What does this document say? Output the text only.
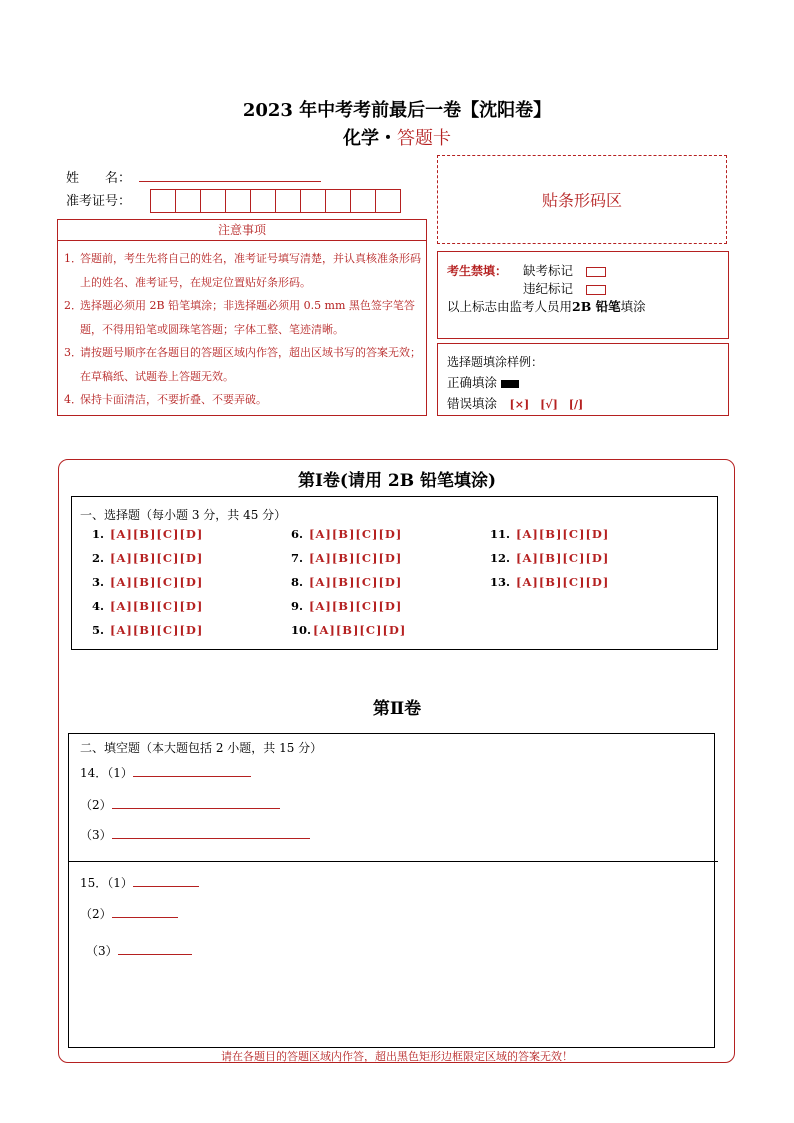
2023 年中考考前最后一卷【沈阳卷】
化学・答题卡
姓　　名：
准考证号：	贴条形码区
注意事项
1．
答题前，考生先将自己的姓名，准考证号填写清楚，并认真核准条形码上的姓名、准考证号，在规定位置贴好条形码。
2．
选择题必须用 2B 铅笔填涂；非选择题必须用 0.5 mm 黑色签字笔答题，不得用铅笔或圆珠笔答题；字体工整、笔迹清晰。
3．
请按题号顺序在各题目的答题区域内作答，超出区域书写的答案无效；在草稿纸、试题卷上答题无效。
4．
保持卡面清洁，不要折叠、不要弄破。
考生禁填： 缺考标记　
违纪标记　
以上标志由监考人员用2B 铅笔填涂
选择题填涂样例：
正确填涂
错误填涂　 [×]　[√]　[/]
第Ⅰ卷(请用 2B 铅笔填涂)
一、选择题（每小题 3 分，共 45 分）
1. [A][B][C][D]
2. [A][B][C][D]
3. [A][B][C][D]
4. [A][B][C][D]
5. [A][B][C][D]
6. [A][B][C][D]
7. [A][B][C][D]
8. [A][B][C][D]
9. [A][B][C][D]
10. [A][B][C][D]
11. [A][B][C][D]
12. [A][B][C][D]
13. [A][B][C][D]
第Ⅱ卷
二、填空题（本大题包括 2 小题，共 15 分）
14．（1）
（2）
（3）
15．（1）
（2）
（3）
请在各题目的答题区域内作答，超出黑色矩形边框限定区域的答案无效！
